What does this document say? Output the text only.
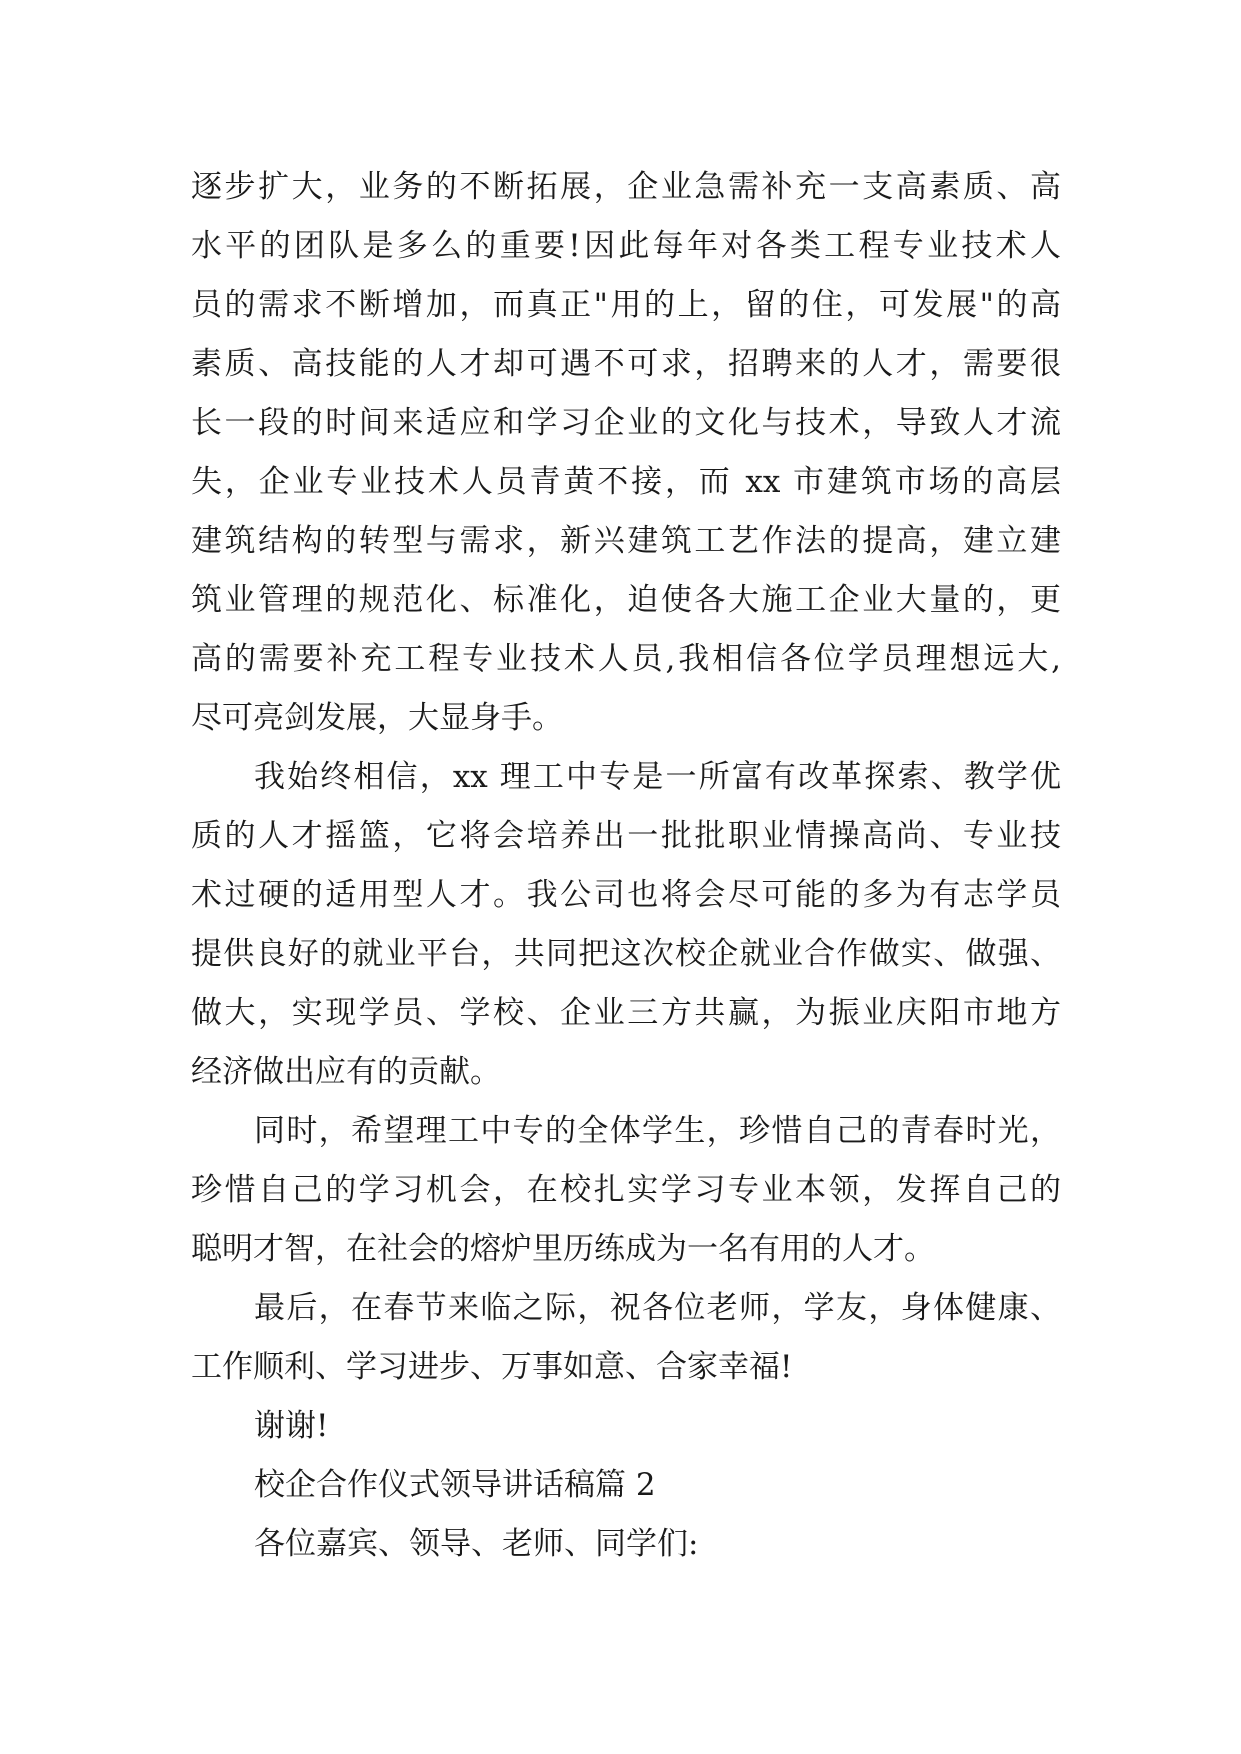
逐步扩大，业务的不断拓展，企业急需补充一支高素质、高
水平的团队是多么的重要!因此每年对各类工程专业技术人
员的需求不断增加，而真正"用的上，留的住，可发展"的高
素质、高技能的人才却可遇不可求，招聘来的人才，需要很
长一段的时间来适应和学习企业的文化与技术，导致人才流
失，企业专业技术人员青黄不接，而 xx 市建筑市场的高层
建筑结构的转型与需求，新兴建筑工艺作法的提高，建立建
筑业管理的规范化、标准化，迫使各大施工企业大量的，更
高的需要补充工程专业技术人员,我相信各位学员理想远大,
尽可亮剑发展，大显身手。
我始终相信，xx 理工中专是一所富有改革探索、教学优
质的人才摇篮，它将会培养出一批批职业情操高尚、专业技
术过硬的适用型人才。我公司也将会尽可能的多为有志学员
提供良好的就业平台，共同把这次校企就业合作做实、做强、
做大，实现学员、学校、企业三方共赢，为振业庆阳市地方
经济做出应有的贡献。
同时，希望理工中专的全体学生，珍惜自己的青春时光，
珍惜自己的学习机会，在校扎实学习专业本领，发挥自己的
聪明才智，在社会的熔炉里历练成为一名有用的人才。
最后，在春节来临之际，祝各位老师，学友，身体健康、
工作顺利、学习进步、万事如意、合家幸福!
谢谢!
校企合作仪式领导讲话稿篇 2
各位嘉宾、领导、老师、同学们:
